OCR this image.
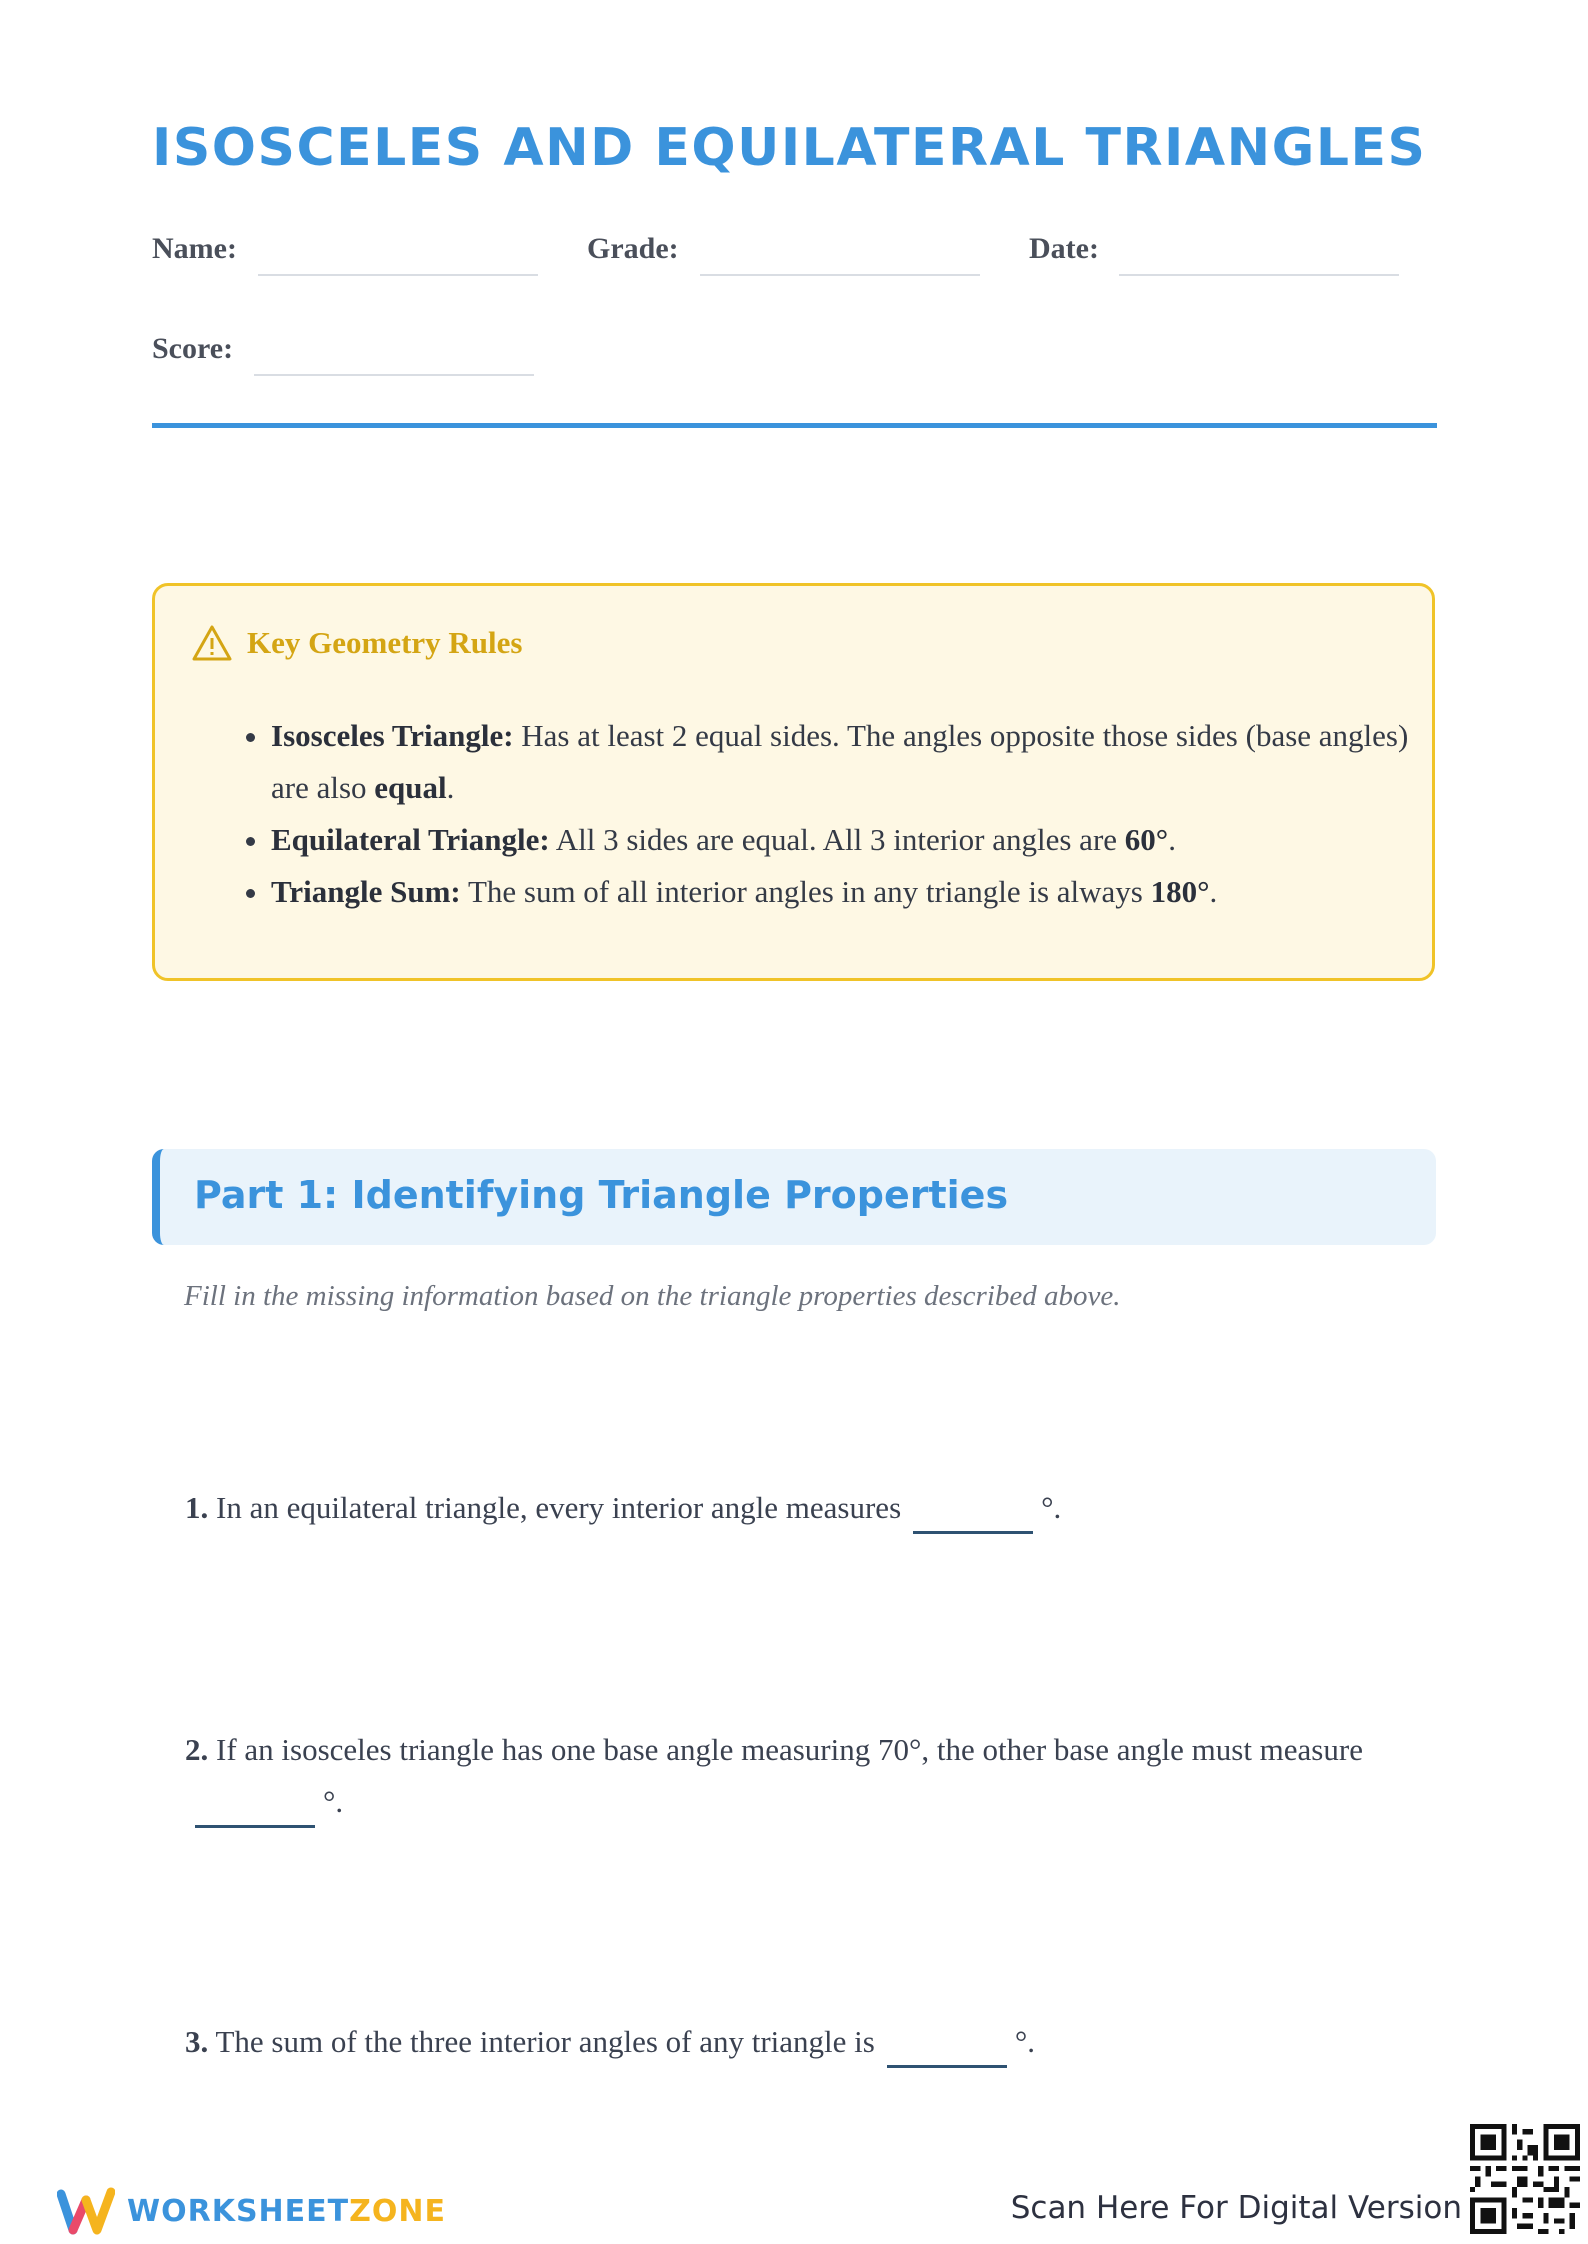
ISOSCELES AND EQUILATERAL TRIANGLES
Name:	Grade:	Date:
Score:
Key Geometry Rules
• Isosceles Triangle: Has at least 2 equal sides. The angles opposite those sides (base angles) are also equal.
• Equilateral Triangle: All 3 sides are equal. All 3 interior angles are 60°.
• Triangle Sum: The sum of all interior angles in any triangle is always 180°.
Part 1: Identifying Triangle Properties
Fill in the missing information based on the triangle properties described above.
1. In an equilateral triangle, every interior angle measures	°.
2. If an isosceles triangle has one base angle measuring 70°, the other base angle must measure °.
3. The sum of the three interior angles of any triangle is	°.
WORKSHEETZONE	Scan Here For Digital Version
